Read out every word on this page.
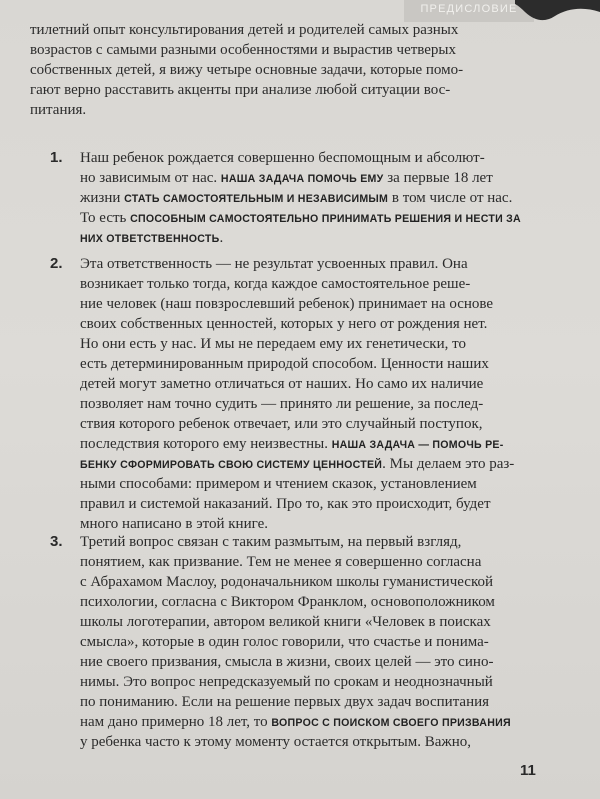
ПРЕДИСЛОВИЕ
тилетний опыт консультирования детей и родителей самых разных
возрастов с самыми разными особенностями и вырастив четверых
собственных детей, я вижу четыре основные задачи, которые помо-
гают верно расставить акценты при анализе любой ситуации вос-
питания.
1. Наш ребенок рождается совершенно беспомощным и абсолют-
но зависимым от нас. НАША ЗАДАЧА ПОМОЧЬ ЕМУ за первые 18 лет
жизни СТАТЬ САМОСТОЯТЕЛЬНЫМ И НЕЗАВИСИМЫМ в том числе от нас.
То есть СПОСОБНЫМ САМОСТОЯТЕЛЬНО ПРИНИМАТЬ РЕШЕНИЯ И НЕСТИ ЗА
НИХ ОТВЕТСТВЕННОСТЬ.
2. Эта ответственность — не результат усвоенных правил. Она
возникает только тогда, когда каждое самостоятельное реше-
ние человек (наш повзрослевший ребенок) принимает на основе
своих собственных ценностей, которых у него от рождения нет.
Но они есть у нас. И мы не передаем ему их генетически, то
есть детерминированным природой способом. Ценности наших
детей могут заметно отличаться от наших. Но само их наличие
позволяет нам точно судить — принято ли решение, за послед-
ствия которого ребенок отвечает, или это случайный поступок,
последствия которого ему неизвестны. НАША ЗАДАЧА — ПОМОЧЬ РЕ-
БЕНКУ СФОРМИРОВАТЬ СВОЮ СИСТЕМУ ЦЕННОСТЕЙ. Мы делаем это раз-
ными способами: примером и чтением сказок, установлением
правил и системой наказаний. Про то, как это происходит, будет
много написано в этой книге.
3. Третий вопрос связан с таким размытым, на первый взгляд,
понятием, как призвание. Тем не менее я совершенно согласна
с Абрахамом Маслоу, родоначальником школы гуманистической
психологии, согласна с Виктором Франклом, основоположником
школы логотерапии, автором великой книги «Человек в поисках
смысла», которые в один голос говорили, что счастье и понима-
ние своего призвания, смысла в жизни, своих целей — это сино-
нимы. Это вопрос непредсказуемый по срокам и неоднозначный
по пониманию. Если на решение первых двух задач воспитания
нам дано примерно 18 лет, то ВОПРОС С ПОИСКОМ СВОЕГО ПРИЗВАНИЯ
у ребенка часто к этому моменту остается открытым. Важно,
11
